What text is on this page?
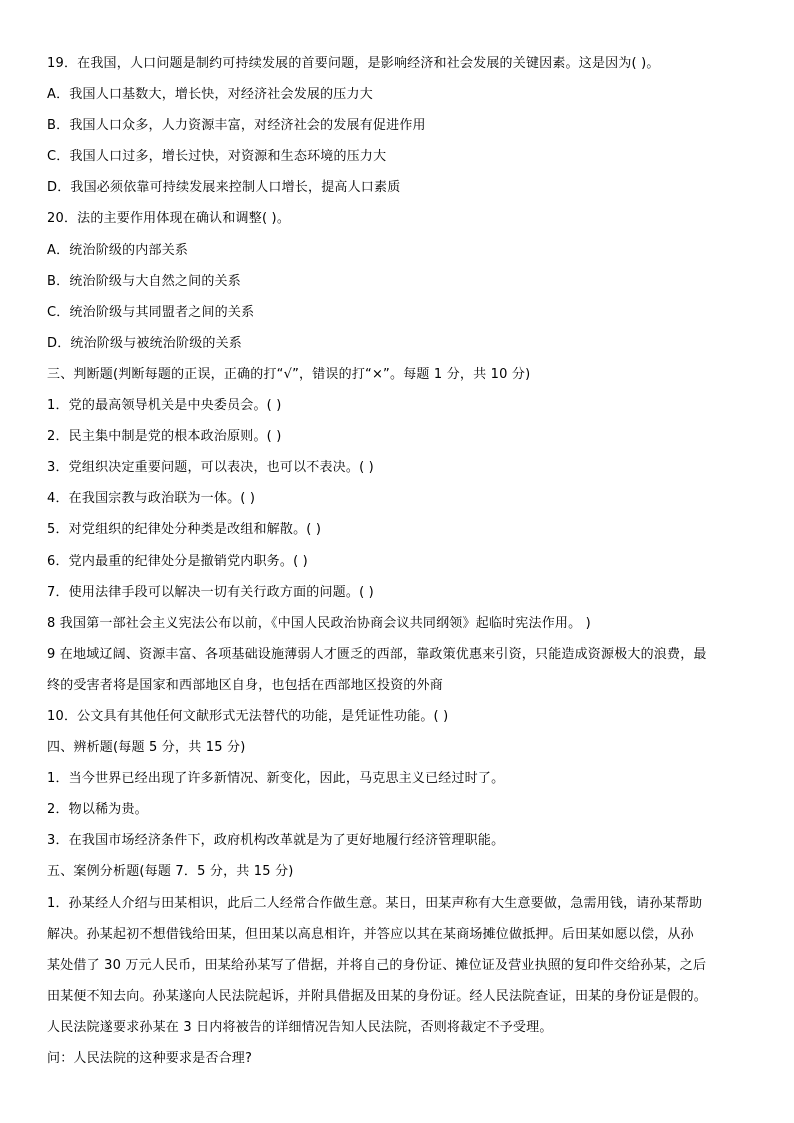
19．在我国，人口问题是制约可持续发展的首要问题，是影响经济和社会发展的关键因素。这是因为( )。
A．我国人口基数大，增长快，对经济社会发展的压力大
B．我国人口众多，人力资源丰富，对经济社会的发展有促进作用
C．我国人口过多，增长过快，对资源和生态环境的压力大
D．我国必须依靠可持续发展来控制人口增长，提高人口素质
20．法的主要作用体现在确认和调整( )。
A．统治阶级的内部关系
B．统治阶级与大自然之间的关系
C．统治阶级与其同盟者之间的关系
D．统治阶级与被统治阶级的关系
三、判断题(判断每题的正误，正确的打“√”，错误的打“×”。每题 1 分，共 10 分)
1．党的最高领导机关是中央委员会。( )
2．民主集中制是党的根本政治原则。( )
3．党组织决定重要问题，可以表决，也可以不表决。( )
4．在我国宗教与政治联为一体。( )
5．对党组织的纪律处分种类是改组和解散。( )
6．党内最重的纪律处分是撤销党内职务。( )
7．使用法律手段可以解决一切有关行政方面的问题。( )
8 我国第一部社会主义宪法公布以前，《中国人民政治协商会议共同纲领》起临时宪法作用。 )
9 在地域辽阔、资源丰富、各项基础设施薄弱人才匮乏的西部，靠政策优惠来引资，只能造成资源极大的浪费，最
终的受害者将是国家和西部地区自身，也包括在西部地区投资的外商
10．公文具有其他任何文献形式无法替代的功能，是凭证性功能。( )
四、辨析题(每题 5 分，共 15 分)
1．当今世界已经出现了许多新情况、新变化，因此，马克思主义已经过时了。
2．物以稀为贵。
3．在我国市场经济条件下，政府机构改革就是为了更好地履行经济管理职能。
五、案例分析题(每题 7．5 分，共 15 分)
1．孙某经人介绍与田某相识，此后二人经常合作做生意。某日，田某声称有大生意要做，急需用钱，请孙某帮助
解决。孙某起初不想借钱给田某，但田某以高息相许，并答应以其在某商场摊位做抵押。后田某如愿以偿，从孙
某处借了 30 万元人民币，田某给孙某写了借据，并将自己的身份证、摊位证及营业执照的复印件交给孙某，之后
田某便不知去向。孙某遂向人民法院起诉，并附具借据及田某的身份证。经人民法院查证，田某的身份证是假的。
人民法院遂要求孙某在 3 日内将被告的详细情况告知人民法院，否则将裁定不予受理。
问：人民法院的这种要求是否合理?
